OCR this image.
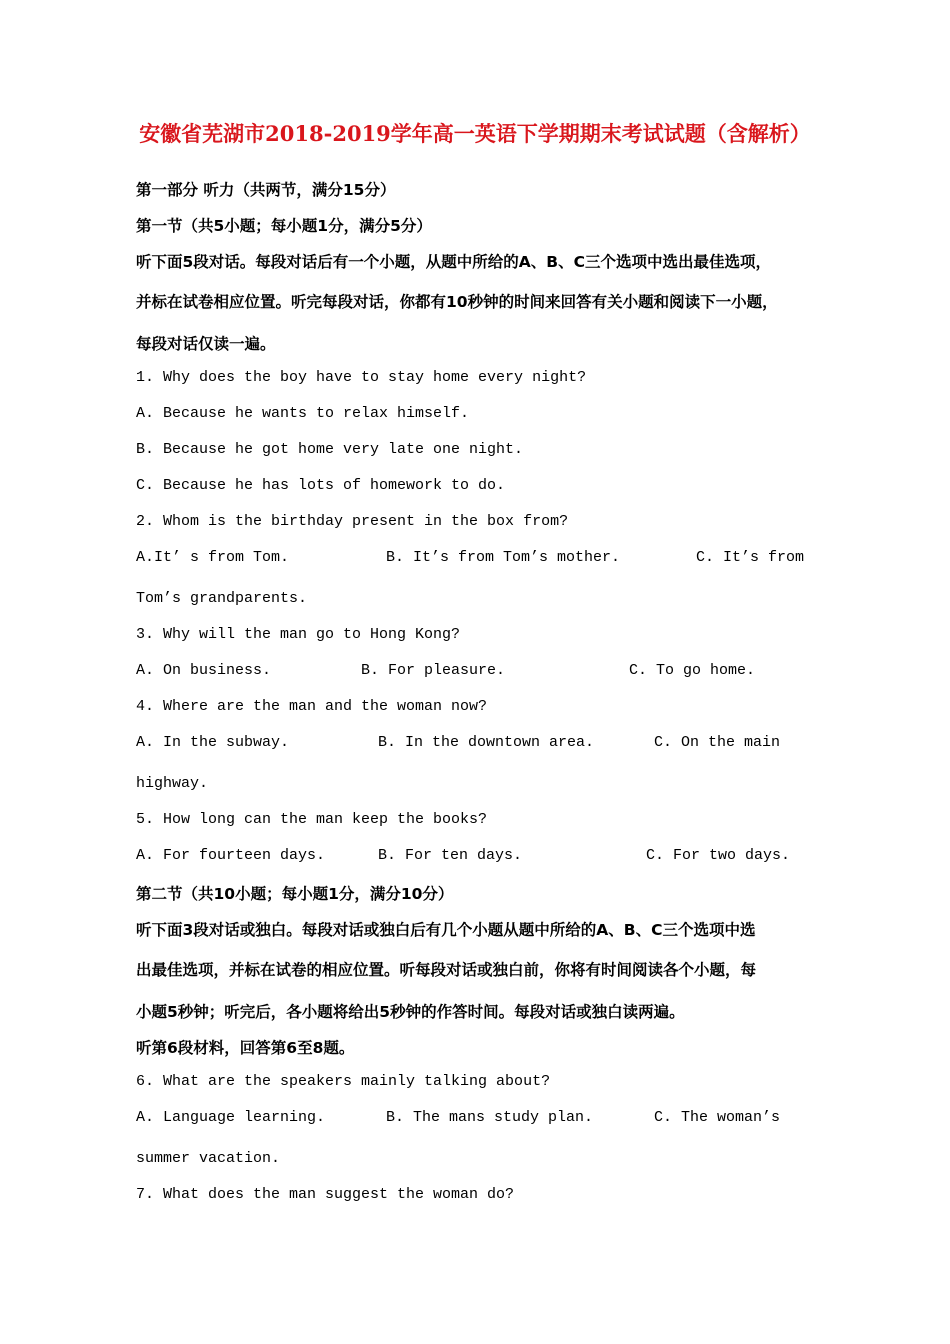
安徽省芜湖市2018-2019学年高一英语下学期期末考试试题（含解析）
第一部分 听力（共两节，满分15分）
第一节（共5小题；每小题1分，满分5分）
听下面5段对话。每段对话后有一个小题，从题中所给的A、B、C三个选项中选出最佳选项，
并标在试卷相应位置。听完每段对话，你都有10秒钟的时间来回答有关小题和阅读下一小题，
每段对话仅读一遍。
1. Why does the boy have to stay home every night?
A. Because he wants to relax himself.
B. Because he got home very late one night.
C. Because he has lots of homework to do.
2. Whom is the birthday present in the box from?
A.It’ s from Tom.	B. It’s from Tom’s mother.	C. It’s from
Tom’s grandparents.
3. Why will the man go to Hong Kong?
A. On business.	B. For pleasure.	C. To go home.
4. Where are the man and the woman now?
A. In the subway.	B. In the downtown area.	C. On the main
highway.
5. How long can the man keep the books?
A. For fourteen days.	B. For ten days.	C. For two days.
第二节（共10小题；每小题1分，满分10分）
听下面3段对话或独白。每段对话或独白后有几个小题从题中所给的A、B、C三个选项中选
出最佳选项，并标在试卷的相应位置。听每段对话或独白前，你将有时间阅读各个小题，每
小题5秒钟；听完后，各小题将给出5秒钟的作答时间。每段对话或独白读两遍。
听第6段材料，回答第6至8题。
6. What are the speakers mainly talking about?
A. Language learning.	B. The mans study plan.	C. The woman’s
summer vacation.
7. What does the man suggest the woman do?
